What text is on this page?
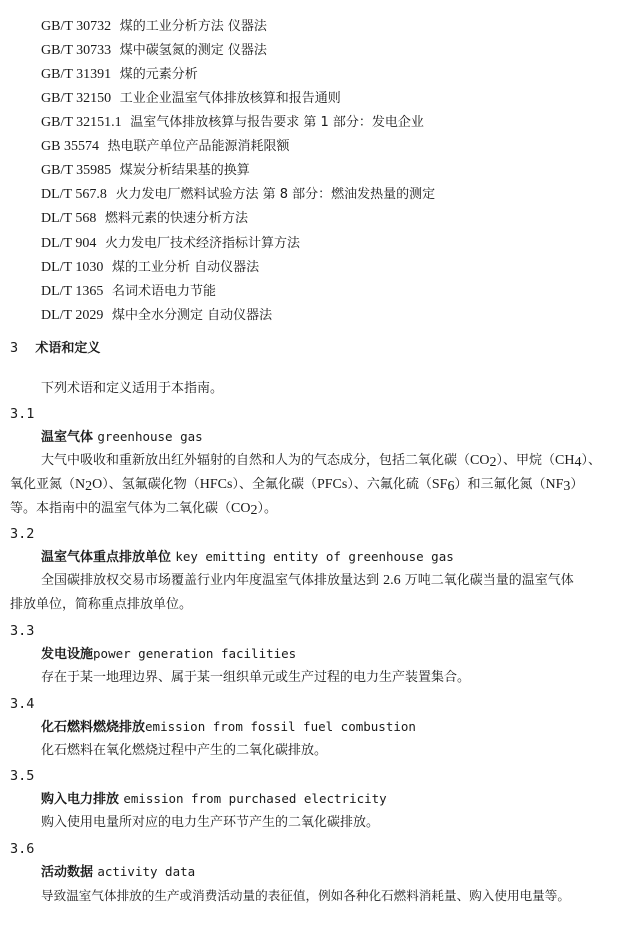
GB/T 30732 煤的工业分析方法 仪器法
GB/T 30733 煤中碳氢氮的测定 仪器法
GB/T 31391 煤的元素分析
GB/T 32150 工业企业温室气体排放核算和报告通则
GB/T 32151.1 温室气体排放核算与报告要求 第 1 部分：发电企业
GB 35574 热电联产单位产品能源消耗限额
GB/T 35985 煤炭分析结果基的换算
DL/T 567.8 火力发电厂燃料试验方法 第 8 部分：燃油发热量的测定
DL/T 568 燃料元素的快速分析方法
DL/T 904 火力发电厂技术经济指标计算方法
DL/T 1030 煤的工业分析 自动仪器法
DL/T 1365 名词术语电力节能
DL/T 2029 煤中全水分测定 自动仪器法
3 术语和定义
下列术语和定义适用于本指南。
3.1
温室气体 greenhouse gas
大气中吸收和重新放出红外辐射的自然和人为的气态成分，包括二氧化碳$(CO_2)$、甲烷$(CH_4)$、
氧化亚氮$(N_2O)$、氢氟碳化物（HFCs）、全氟化碳（PFCs）、六氟化硫$(SF_6)$和三氟化氮$(NF_3)$
等。本指南中的温室气体为二氧化碳$(CO_2)$。
3.2
温室气体重点排放单位 key emitting entity of greenhouse gas
全国碳排放权交易市场覆盖行业内年度温室气体排放量达到 2.6 万吨二氧化碳当量的温室气体
排放单位，简称重点排放单位。
3.3
发电设施power generation facilities
存在于某一地理边界、属于某一组织单元或生产过程的电力生产装置集合。
3.4
化石燃料燃烧排放emission from fossil fuel combustion
化石燃料在氧化燃烧过程中产生的二氧化碳排放。
3.5
购入电力排放 emission from purchased electricity
购入使用电量所对应的电力生产环节产生的二氧化碳排放。
3.6
活动数据 activity data
导致温室气体排放的生产或消费活动量的表征值，例如各种化石燃料消耗量、购入使用电量等。
